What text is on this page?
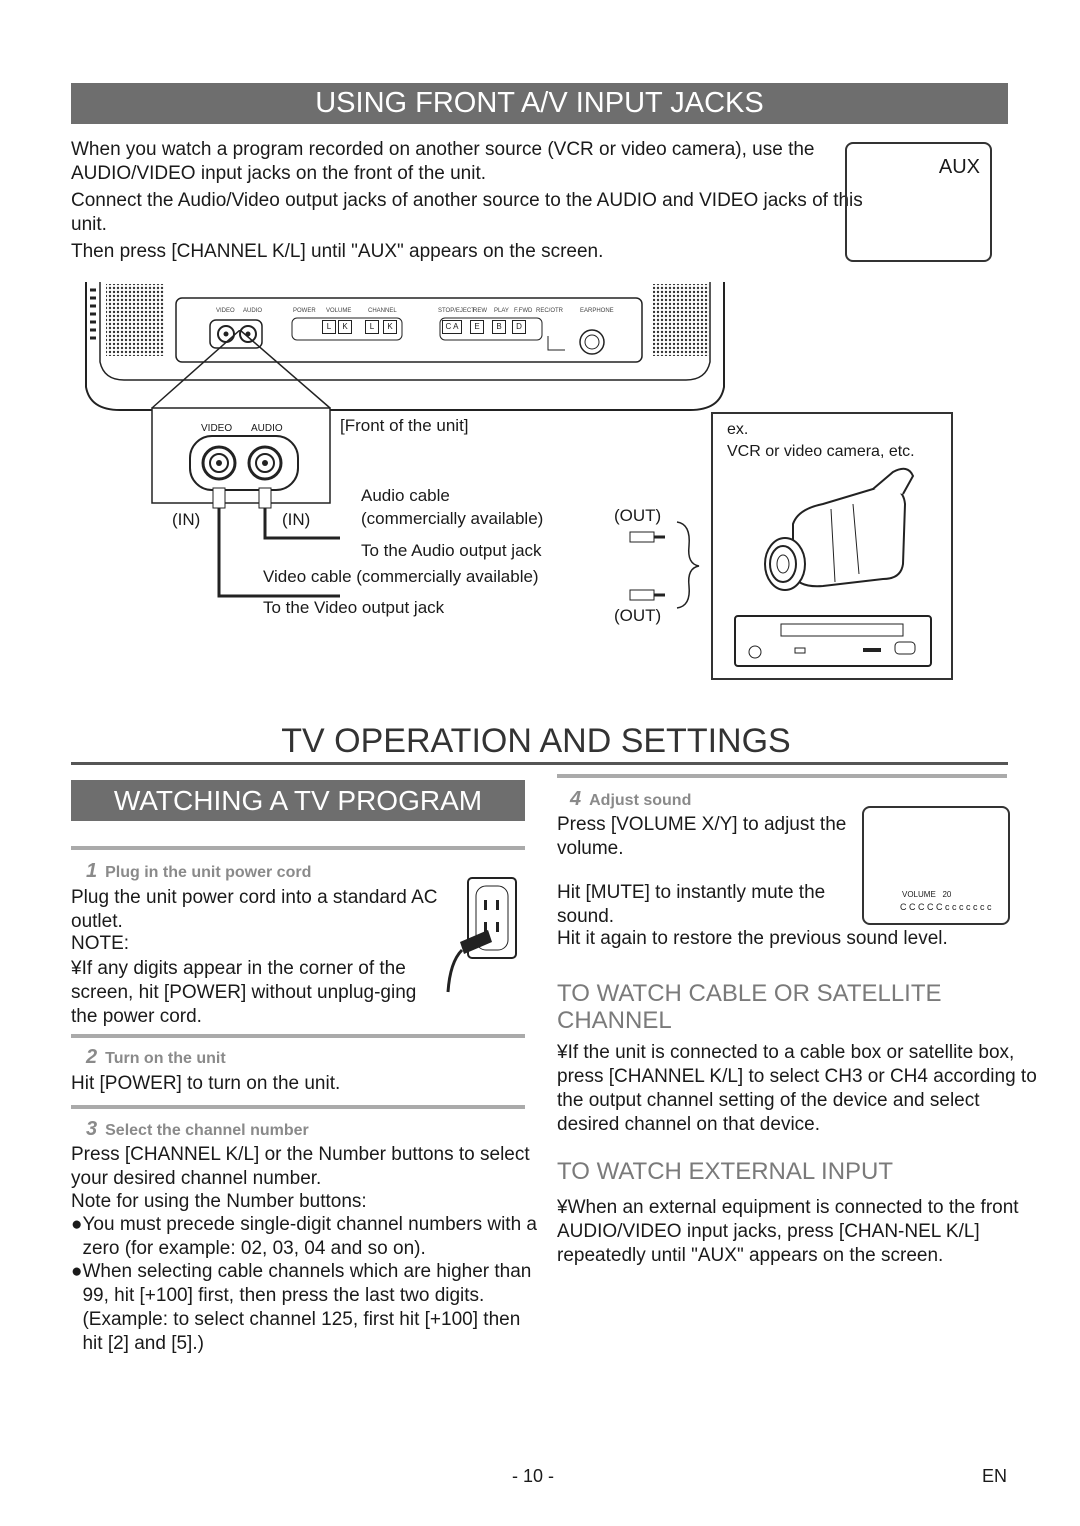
USING FRONT A/V INPUT JACKS
When you watch a program recorded on another source (VCR or video camera), use the AUDIO/VIDEO input jacks on the front of the unit.
Connect the Audio/Video output jacks of another source to the AUDIO and VIDEO jacks of this unit.
Then press [CHANNEL K/L] until "AUX" appears on the screen.
AUX
VIDEO AUDIO	POWER VOLUME	CHANNEL	STOP/EJECT
REW PLAY F.FWD REC/OTR	EARPHONE
L	K	L	K	C A	E	B	D
VIDEO AUDIO	[Front of the unit]
(IN)	(IN)
Audio cable
(commercially available)
To the Audio output jack
Video cable (commercially available)
To the Video output jack
(OUT)
(OUT)
ex.
VCR or video camera, etc.
TV OPERATION AND SETTINGS
WATCHING A TV PROGRAM
1 Plug in the unit power cord
Plug the unit power cord into a standard AC outlet.
NOTE:
¥If any digits appear in the corner of the screen, hit [POWER] without unplug-ging the power cord.
2 Turn on the unit
Hit [POWER] to turn on the unit.
3 Select the channel number
Press [CHANNEL K/L] or the Number buttons to select your desired channel number.
Note for using the Number buttons:
● You must precede single-digit channel numbers with a zero (for example: 02, 03, 04 and so on).
● When selecting cable channels which are higher than 99, hit [+100] first, then press the last two digits. (Example: to select channel 125, first hit [+100] then hit [2] and [5].)
4 Adjust sound
Press [VOLUME X/Y] to adjust the volume.
Hit [MUTE] to instantly mute the sound.
Hit it again to restore the previous sound level.
VOLUME   20
C C C C C c c c c c c c
TO WATCH CABLE OR SATELLITE CHANNEL
¥If the unit is connected to a cable box or satellite box, press [CHANNEL K/L] to select CH3 or CH4 according to the output channel setting of the device and select desired channel on that device.
TO WATCH EXTERNAL INPUT
¥When an external equipment is connected to the front AUDIO/VIDEO input jacks, press [CHAN-NEL K/L] repeatedly until "AUX" appears on the screen.
- 10 -	EN
